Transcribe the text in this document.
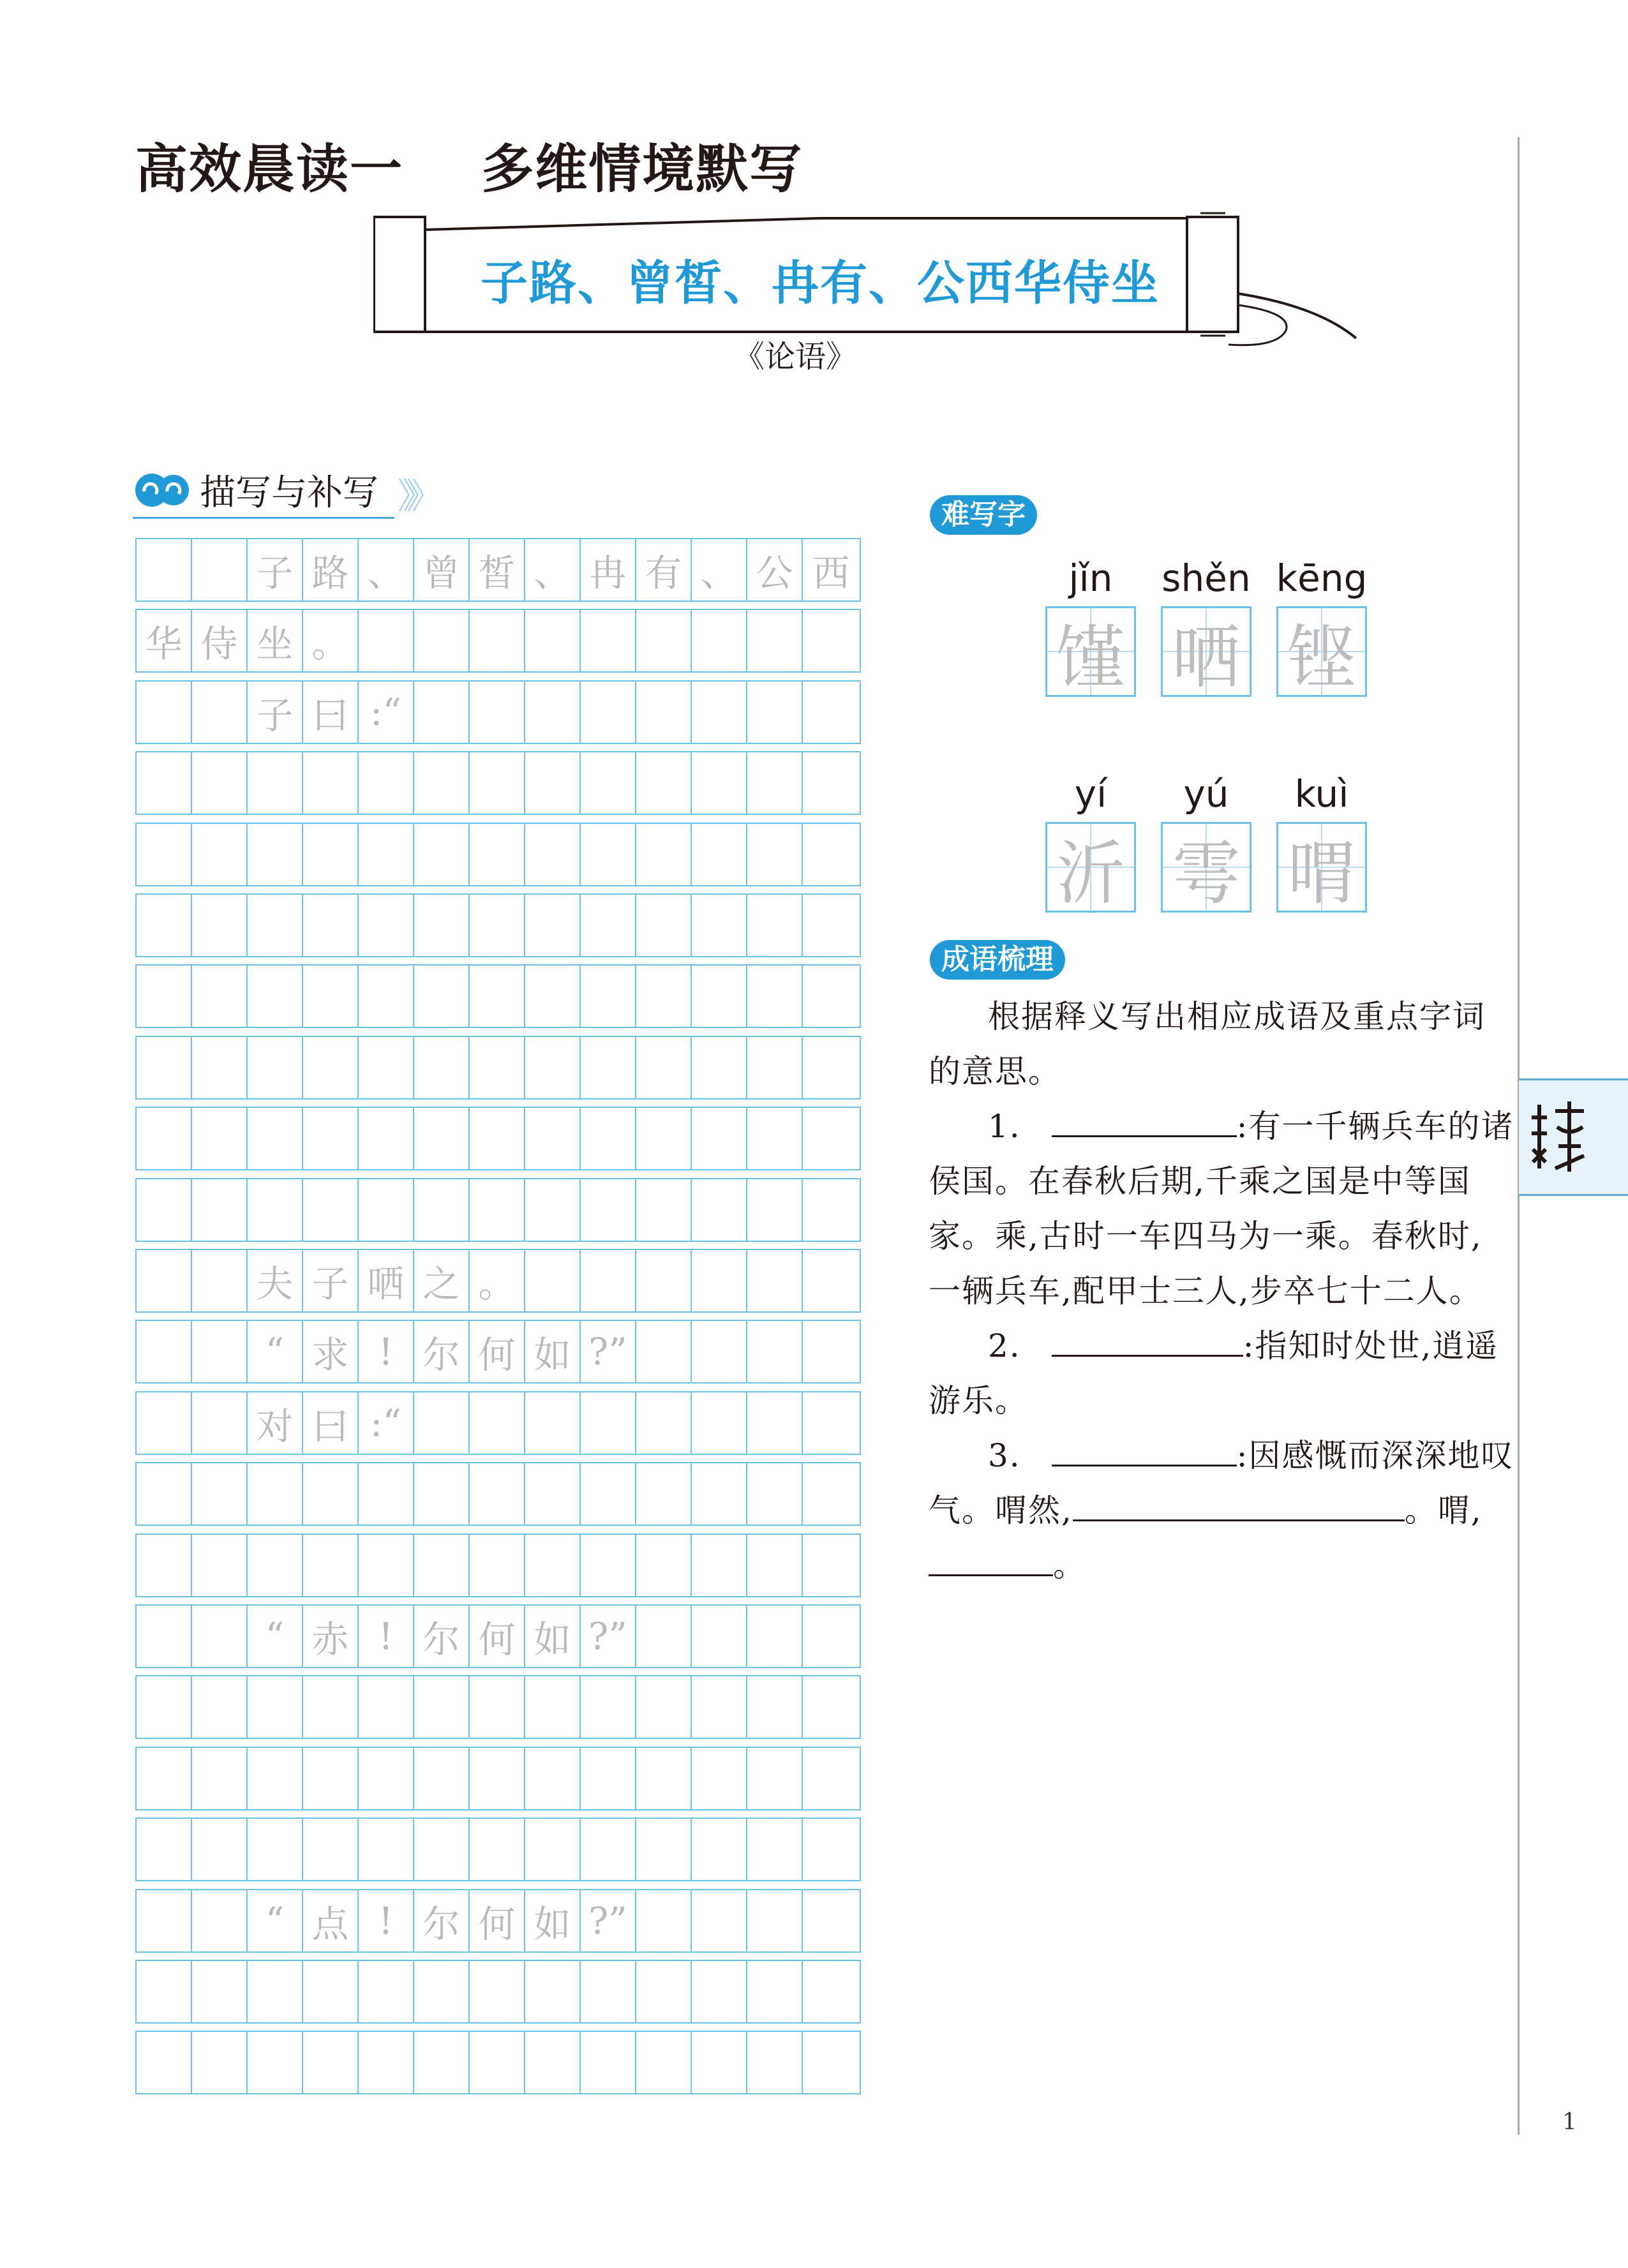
高效晨读一    多维情境默写
子路、曾皙、冉有、公西华侍坐
《论语》
描写与补写 》》
子 路 、 曾 皙 、 冉 有 、 公 西
华 侍 坐 。
子 曰 :“
夫 子 哂 之 。
“ 求 ! 尔 何 如 ?”
对 曰 :“
“ 赤 ! 尔 何 如 ?”
“ 点 ! 尔 何 如 ?”
难写字
jǐn
馑
shěn
哂
kēng
铿
yí
沂
yú
雩
kuì
喟
成语梳理
根据释义写出相应成语及重点字词
的意思。
1.	:有一千辆兵车的诸
侯国。在春秋后期,千乘之国是中等国
家。乘,古时一车四马为一乘。春秋时,
一辆兵车,配甲士三人,步卒七十二人。
2.	:指知时处世,逍遥
游乐。
3.	:因感慨而深深地叹
气。喟然,	。喟,
。
1
